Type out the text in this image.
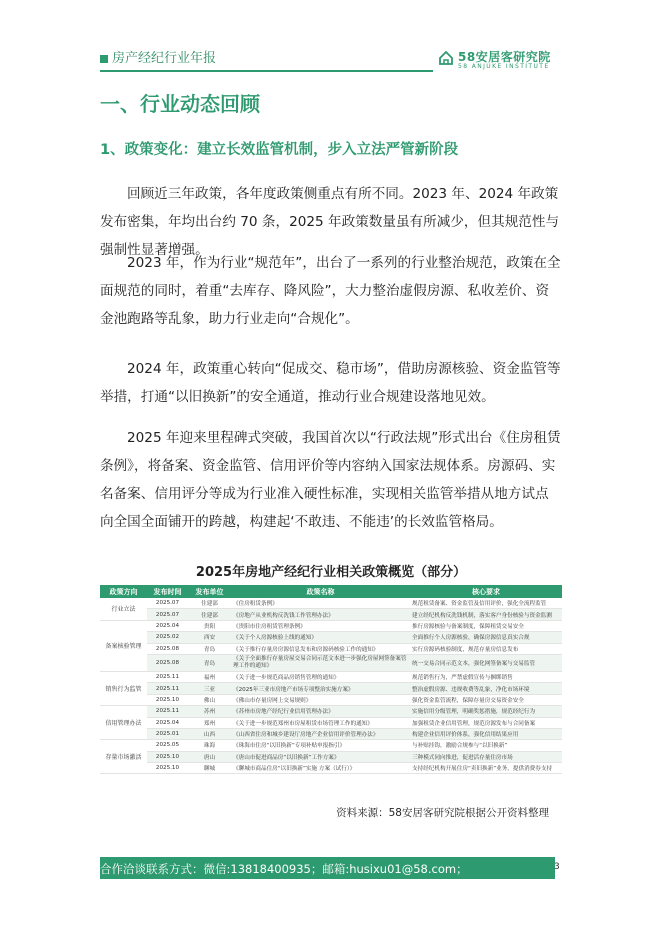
房产经纪行业年报	58安居客研究院
58 ANJUKE INSTITUTE
一、行业动态回顾
1、政策变化：建立长效监管机制，步入立法严管新阶段

回顾近三年政策，各年度政策侧重点有所不同。2023 年、2024 年政策发布密集，年均出台约 70 条，2025 年政策数量虽有所减少，但其规范性与强制性显著增强。

2023 年，作为行业“规范年”，出台了一系列的行业整治规范，政策在全面规范的同时，着重“去库存、降风险”，大力整治虚假房源、私收差价、资金池跑路等乱象，助力行业走向“合规化”。

2024 年，政策重心转向“促成交、稳市场”，借助房源核验、资金监管等举措，打通“以旧换新”的安全通道，推动行业合规建设落地见效。

2025 年迎来里程碑式突破，我国首次以“行政法规”形式出台《住房租赁条例》，将备案、资金监管、信用评价等内容纳入国家法规体系。房源码、实名备案、信用评分等成为行业准入硬性标准，实现相关监管举措从地方试点向全国全面铺开的跨越，构建起‘不敢违、不能违’的长效监管格局。

2025年房地产经纪行业相关政策概览（部分）
政策方向	发布时间	发布单位	政策名称	核心要求
行业立法	2025.07	住建部	《住房租赁条例》	规范租赁备案、资金监管及信用评价，强化全流程监管
	2025.07	住建部	《房地产从业机构反洗钱工作管理办法》	建立经纪机构反洗钱机制，落实客户身份核验与资金监测
备案核验管理	2025.04	贵阳	《贵阳市住房租赁管理条例》	推行房源核验与备案制度，保障租赁交易安全
	2025.02	西安	《关于个人房源核验上线的通知》	全面推行个人房源核验，确保房源信息真实合规
	2025.08	青岛	《关于推行存量房房源信息发布和房源码核验工作的通知》	实行房源码核验制度，规范存量房信息发布
	2025.08	青岛	《关于全面推行存量房屋交易合同示范文本进一步强化房屋网签备案管理工作的通知》	统一交易合同示范文本，强化网签备案与交易监管
销售行为监管	2025.11	福州	《关于进一步规范商品房销售管理的通知》	规范销售行为，严禁虚假宣传与捆绑销售
	2025.11	三亚	《2025年三亚市房地产市场专项整治实施方案》	整治虚假房源、违规收费等乱象，净化市场环境
	2025.10	佛山	《佛山市存量房网上交易规则》	强化资金监管流程，保障存量房交易资金安全
信用管理办法	2025.11	苏州	《苏州市房地产经纪行业信用管理办法》	实施信用分级管理，明确奖惩措施，规范经纪行为
	2025.04	郑州	《关于进一步规范郑州市房屋租赁市场管理工作的通知》	加强租赁企业信用管理，规范房源发布与合同备案
	2025.01	山西	《山西省住房和城乡建设厅房地产企业信用评价管理办法》	构建企业信用评价体系，强化信用结果应用
存量市场激活	2025.05	珠海	《珠海市住房“以旧换新”专项补贴申报指引》	与补贴挂钩，激励合规参与“以旧换新”
	2025.10	唐山	《唐山市促进商品房“以旧换新”工作方案》	三种模式同向推进，促进活存量住房市场
	2025.10	聊城	《聊城市商品住房“以旧换新”实施 方案（试行）》	支持经纪机构开展住房“卖旧换新”业务，提供消费券支持
资料来源：58安居客研究院根据公开资料整理
合作洽谈联系方式：微信:13818400935；邮箱:husixu01@58.com；	3
